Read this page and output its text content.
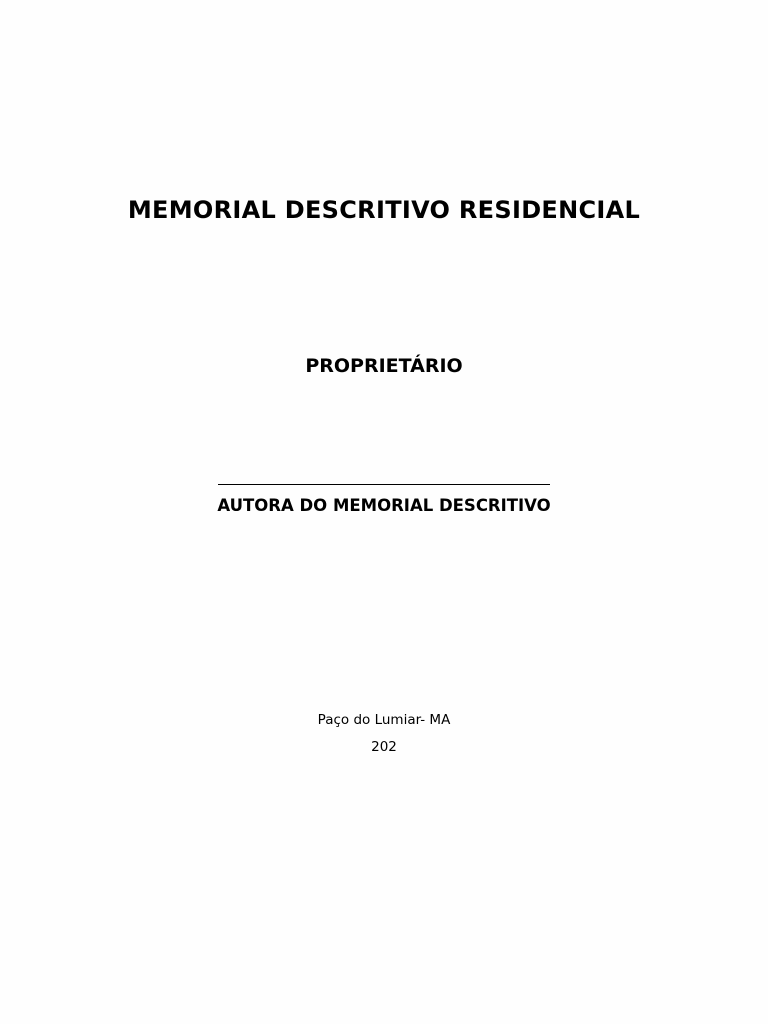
MEMORIAL DESCRITIVO RESIDENCIAL
PROPRIETÁRIO
AUTORA DO MEMORIAL DESCRITIVO
Paço do Lumiar- MA
202
